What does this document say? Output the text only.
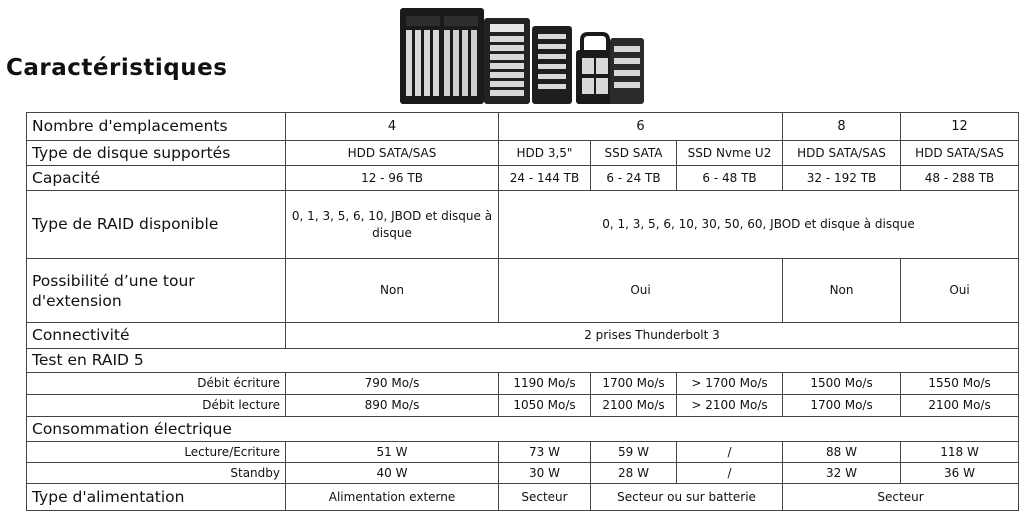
Caractéristiques
Nombre d'emplacements	4	6			8	12
Type de disque supportés	HDD SATA/SAS	HDD 3,5"	SSD SATA	SSD Nvme U2	HDD SATA/SAS	HDD SATA/SAS
Capacité	12 - 96 TB	24 - 144 TB	6 - 24 TB	6 - 48 TB	32 - 192 TB	48 - 288 TB
Type de RAID disponible	0, 1, 3, 5, 6, 10, JBOD et disque à disque	0, 1, 3, 5, 6, 10, 30, 50, 60, JBOD et disque à disque				
Possibilité d’une tour d'extension	Non	Oui			Non	Oui
Connectivité	2 prises Thunderbolt 3					
Test en RAID 5						
Débit écriture	790 Mo/s	1190 Mo/s	1700 Mo/s	> 1700 Mo/s	1500 Mo/s	1550 Mo/s
Débit lecture	890 Mo/s	1050 Mo/s	2100 Mo/s	> 2100 Mo/s	1700 Mo/s	2100 Mo/s
Consommation électrique						
Lecture/Ecriture	51 W	73 W	59 W	/	88 W	118 W
Standby	40 W	30 W	28 W	/	32 W	36 W
Type d'alimentation	Alimentation externe	Secteur	Secteur ou sur batterie		Secteur	
